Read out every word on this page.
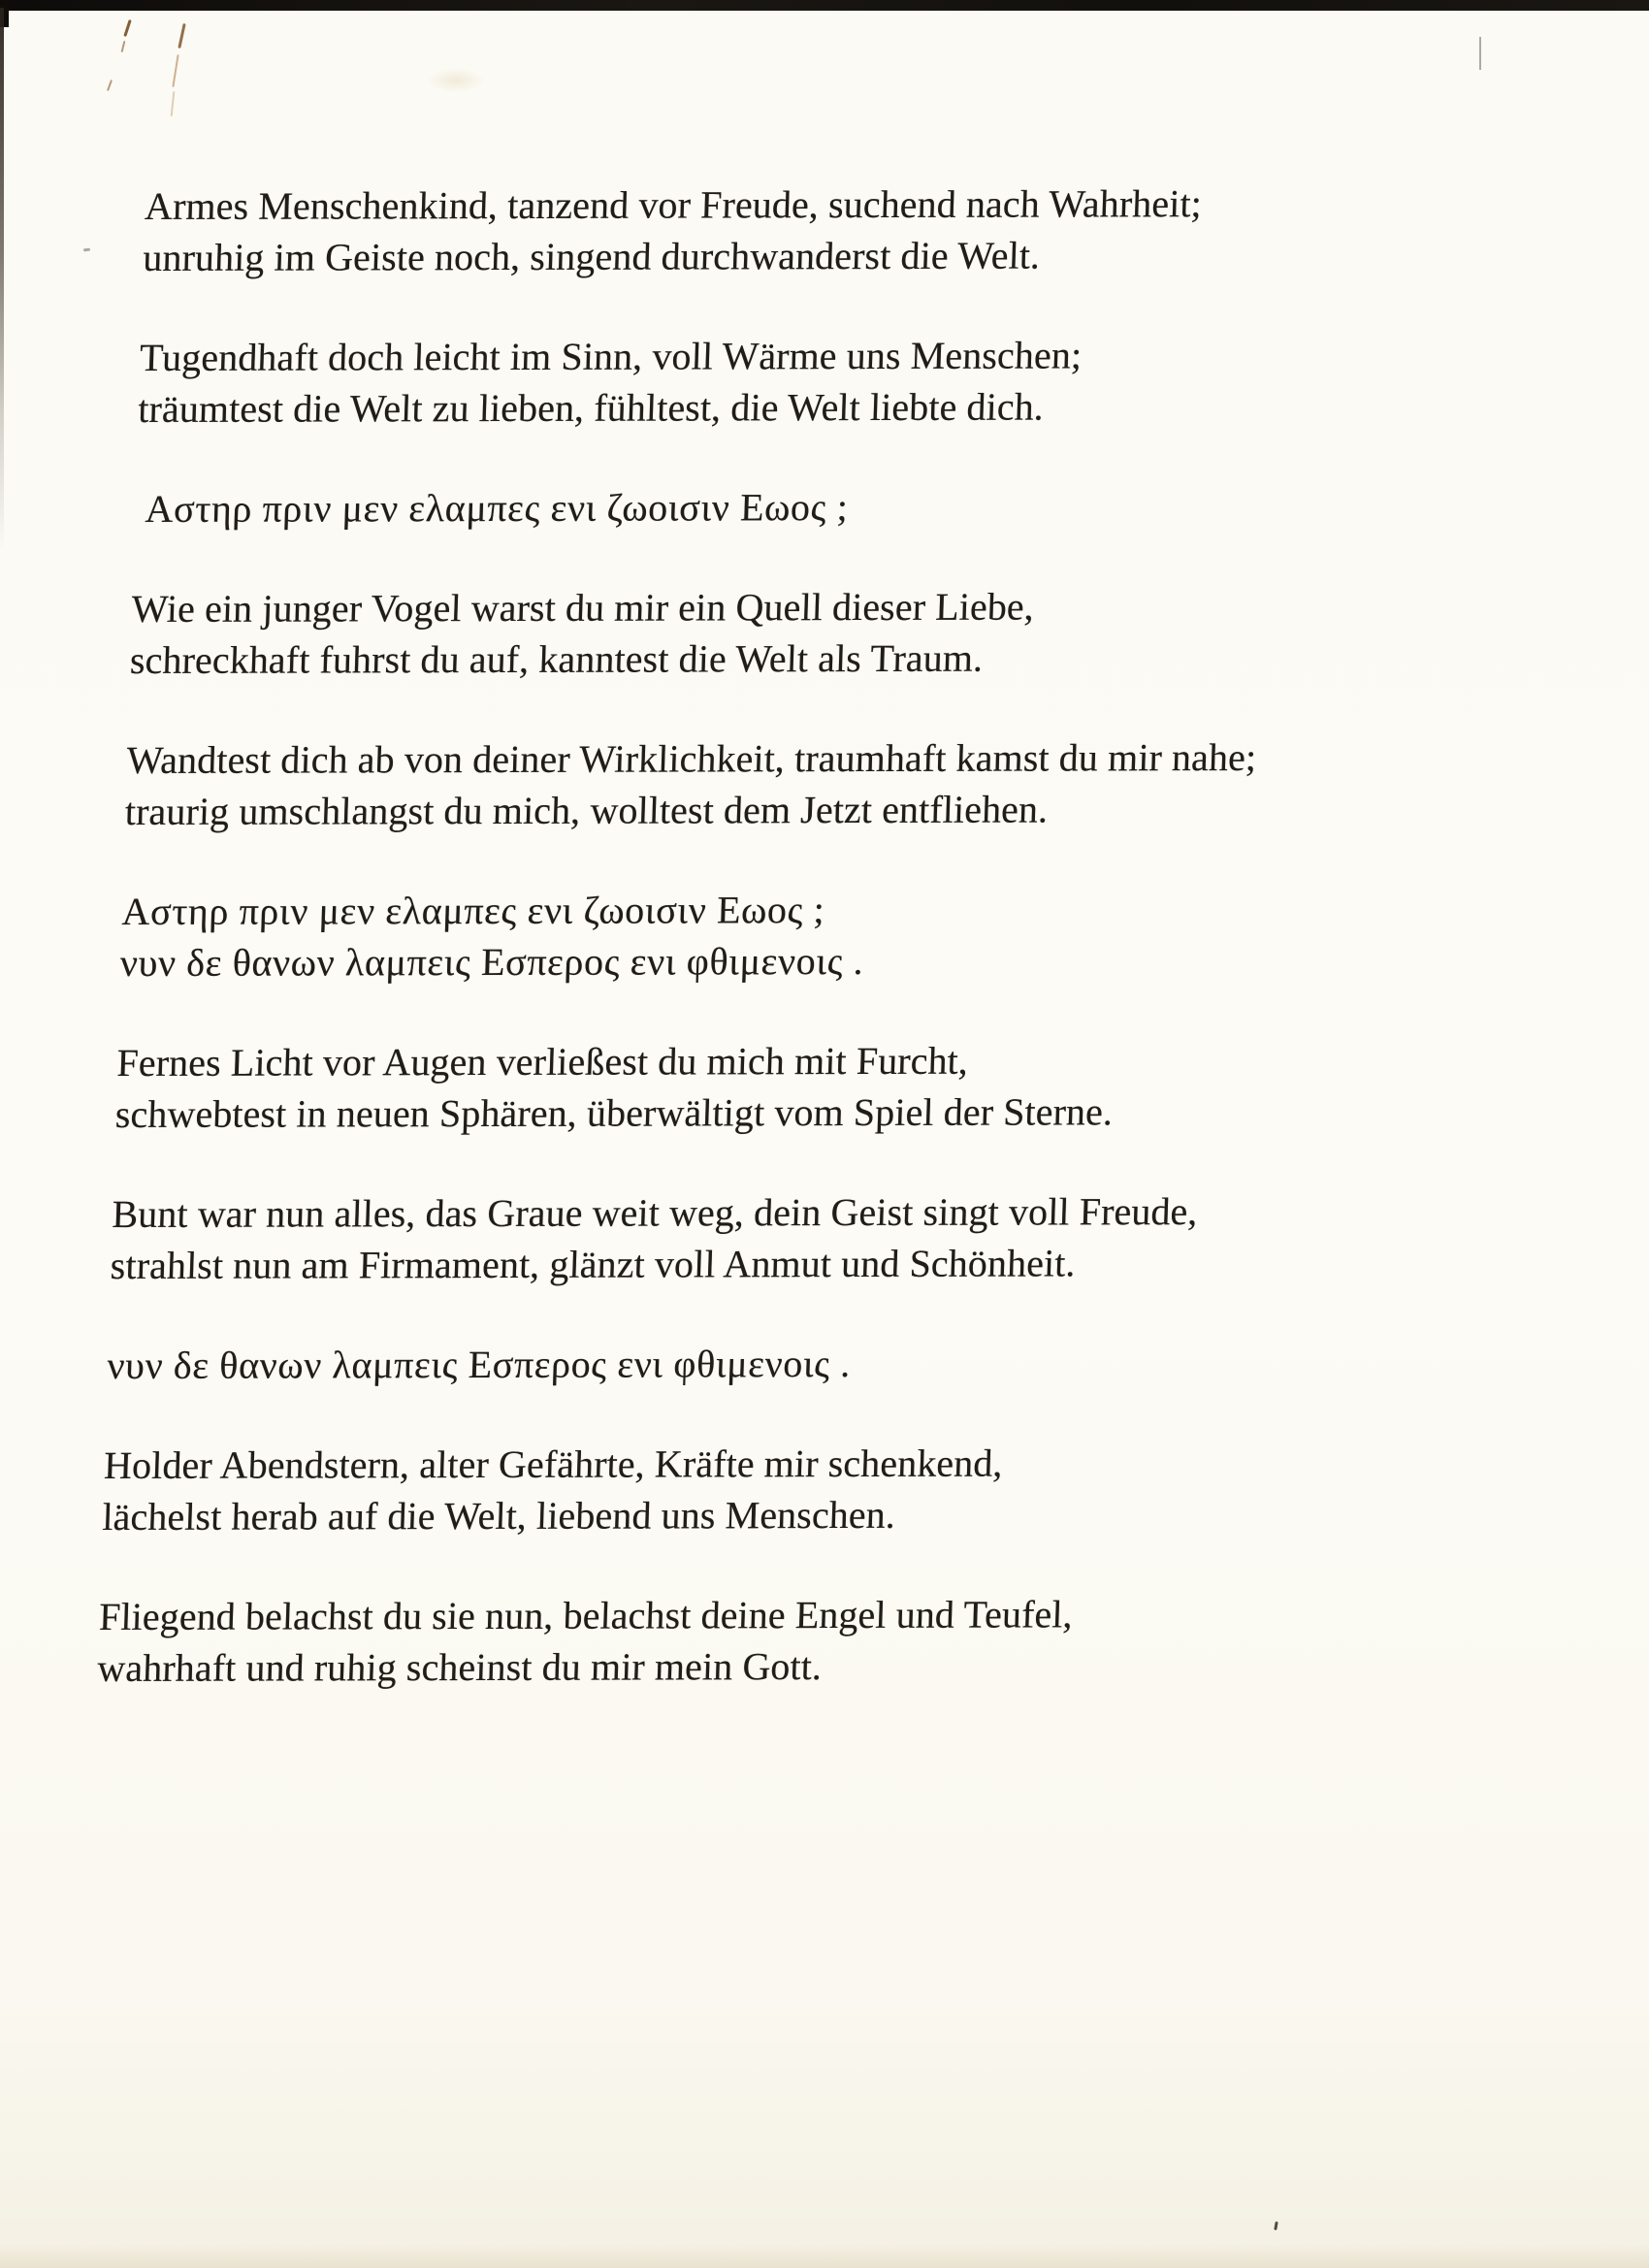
Armes Menschenkind, tanzend vor Freude, suchend nach Wahrheit;
unruhig im Geiste noch, singend durchwanderst die Welt.
Tugendhaft doch leicht im Sinn, voll Wärme uns Menschen;
träumtest die Welt zu lieben, fühltest, die Welt liebte dich.
Αστηρ πριν μεν ελαμπες ενι ζωοισιν Εωος ;
Wie ein junger Vogel warst du mir ein Quell dieser Liebe,
schreckhaft fuhrst du auf, kanntest die Welt als Traum.
Wandtest dich ab von deiner Wirklichkeit, traumhaft kamst du mir nahe;
traurig umschlangst du mich, wolltest dem Jetzt entfliehen.
Αστηρ πριν μεν ελαμπες ενι ζωοισιν Εωος ;
νυν δε θανων λαμπεις Εσπερος ενι φθιμενοις .
Fernes Licht vor Augen verließest du mich mit Furcht,
schwebtest in neuen Sphären, überwältigt vom Spiel der Sterne.
Bunt war nun alles, das Graue weit weg, dein Geist singt voll Freude,
strahlst nun am Firmament, glänzt voll Anmut und Schönheit.
νυν δε θανων λαμπεις Εσπερος ενι φθιμενοις .
Holder Abendstern, alter Gefährte, Kräfte mir schenkend,
lächelst herab auf die Welt, liebend uns Menschen.
Fliegend belachst du sie nun, belachst deine Engel und Teufel,
wahrhaft und ruhig scheinst du mir mein Gott.
